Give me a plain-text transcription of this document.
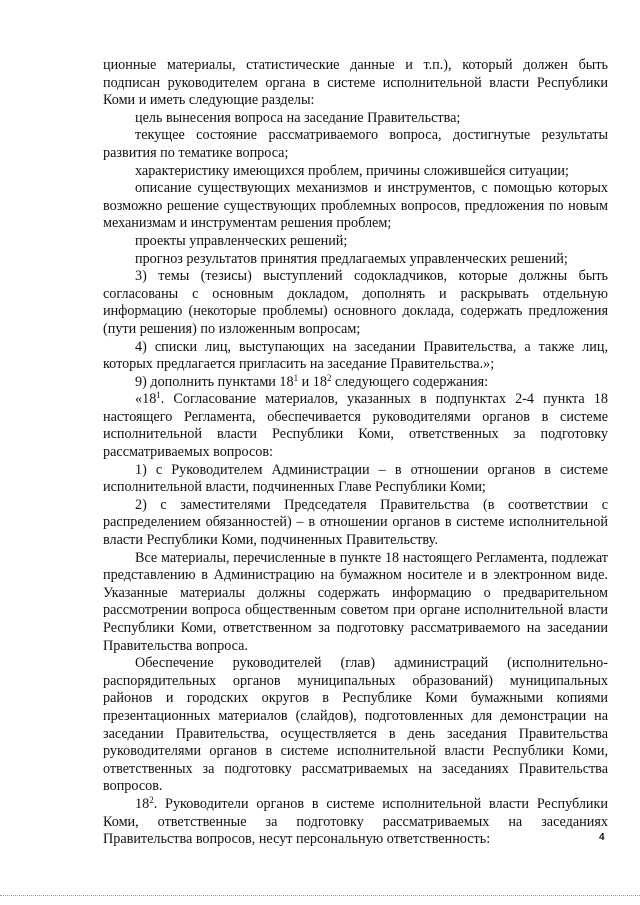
ционные материалы, статистические данные и т.п.), который должен быть подписан руководителем органа в системе исполнительной власти Республики Коми и иметь следующие разделы:

цель вынесения вопроса на заседание Правительства;

текущее состояние рассматриваемого вопроса, достигнутые результаты развития по тематике вопроса;

характеристику имеющихся проблем, причины сложившейся ситуации;

описание существующих механизмов и инструментов, с помощью которых возможно решение существующих проблемных вопросов, предложения по новым механизмам и инструментам решения проблем;

проекты управленческих решений;

прогноз результатов принятия предлагаемых управленческих решений;

3) темы (тезисы) выступлений содокладчиков, которые должны быть согласованы с основным докладом, дополнять и раскрывать отдельную информацию (некоторые проблемы) основного доклада, содержать предложения (пути решения) по изложенным вопросам;

4) списки лиц, выступающих на заседании Правительства, а также лиц, которых предлагается пригласить на заседание Правительства.»;

9) дополнить пунктами $18^1$ и $18^2$ следующего содержания:

«$18^1$. Согласование материалов, указанных в подпунктах 2-4 пункта 18 настоящего Регламента, обеспечивается руководителями органов в системе исполнительной власти Республики Коми, ответственных за подготовку рассматриваемых вопросов:

1) с Руководителем Администрации – в отношении органов в системе исполнительной власти, подчиненных Главе Республики Коми;

2) с заместителями Председателя Правительства (в соответствии с распределением обязанностей) – в отношении органов в системе исполнительной власти Республики Коми, подчиненных Правительству.

Все материалы, перечисленные в пункте 18 настоящего Регламента, подлежат представлению в Администрацию на бумажном носителе и в электронном виде. Указанные материалы должны содержать информацию о предварительном рассмотрении вопроса общественным советом при органе исполнительной власти Республики Коми, ответственном за подготовку рассматриваемого на заседании Правительства вопроса.

Обеспечение руководителей (глав) администраций (исполнительно-распорядительных органов муниципальных образований) муниципальных районов и городских округов в Республике Коми бумажными копиями презентационных материалов (слайдов), подготовленных для демонстрации на заседании Правительства, осуществляется в день заседания Правительства руководителями органов в системе исполнительной власти Республики Коми, ответственных за подготовку рассматриваемых на заседаниях Правительства вопросов.

$18^2$. Руководители органов в системе исполнительной власти Республики Коми, ответственные за подготовку рассматриваемых на заседаниях Правительства вопросов, несут персональную ответственность:	4
